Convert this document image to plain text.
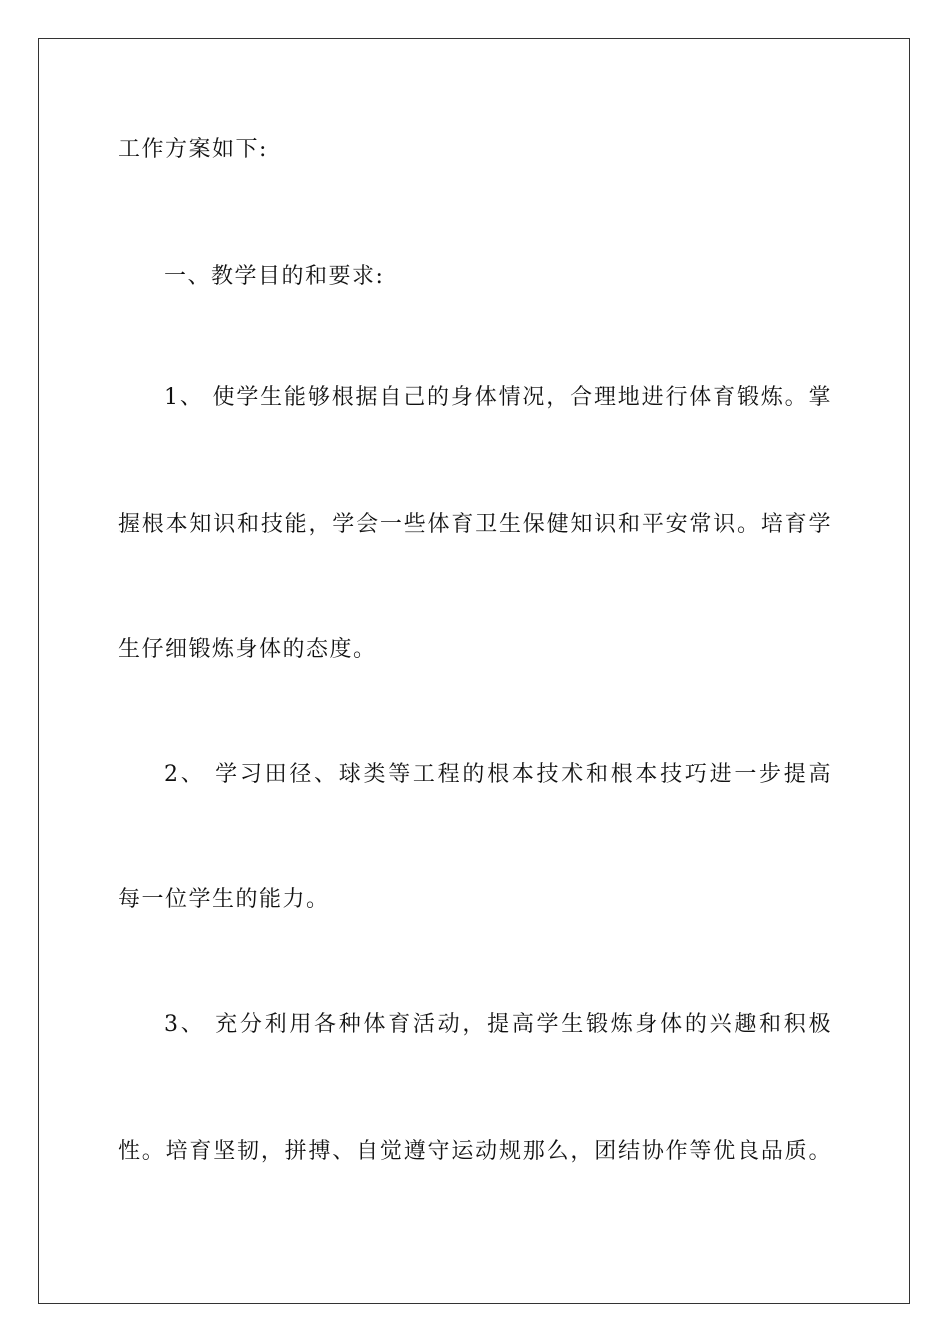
工作方案如下:
一、教学目的和要求:
1、 使学生能够根据自己的身体情况，合理地进行体育锻炼。掌
握根本知识和技能，学会一些体育卫生保健知识和平安常识。培育学
生仔细锻炼身体的态度。
2、 学习田径、球类等工程的根本技术和根本技巧进一步提高
每一位学生的能力。
3、 充分利用各种体育活动，提高学生锻炼身体的兴趣和积极
性。培育坚韧，拼搏、自觉遵守运动规那么，团结协作等优良品质。
